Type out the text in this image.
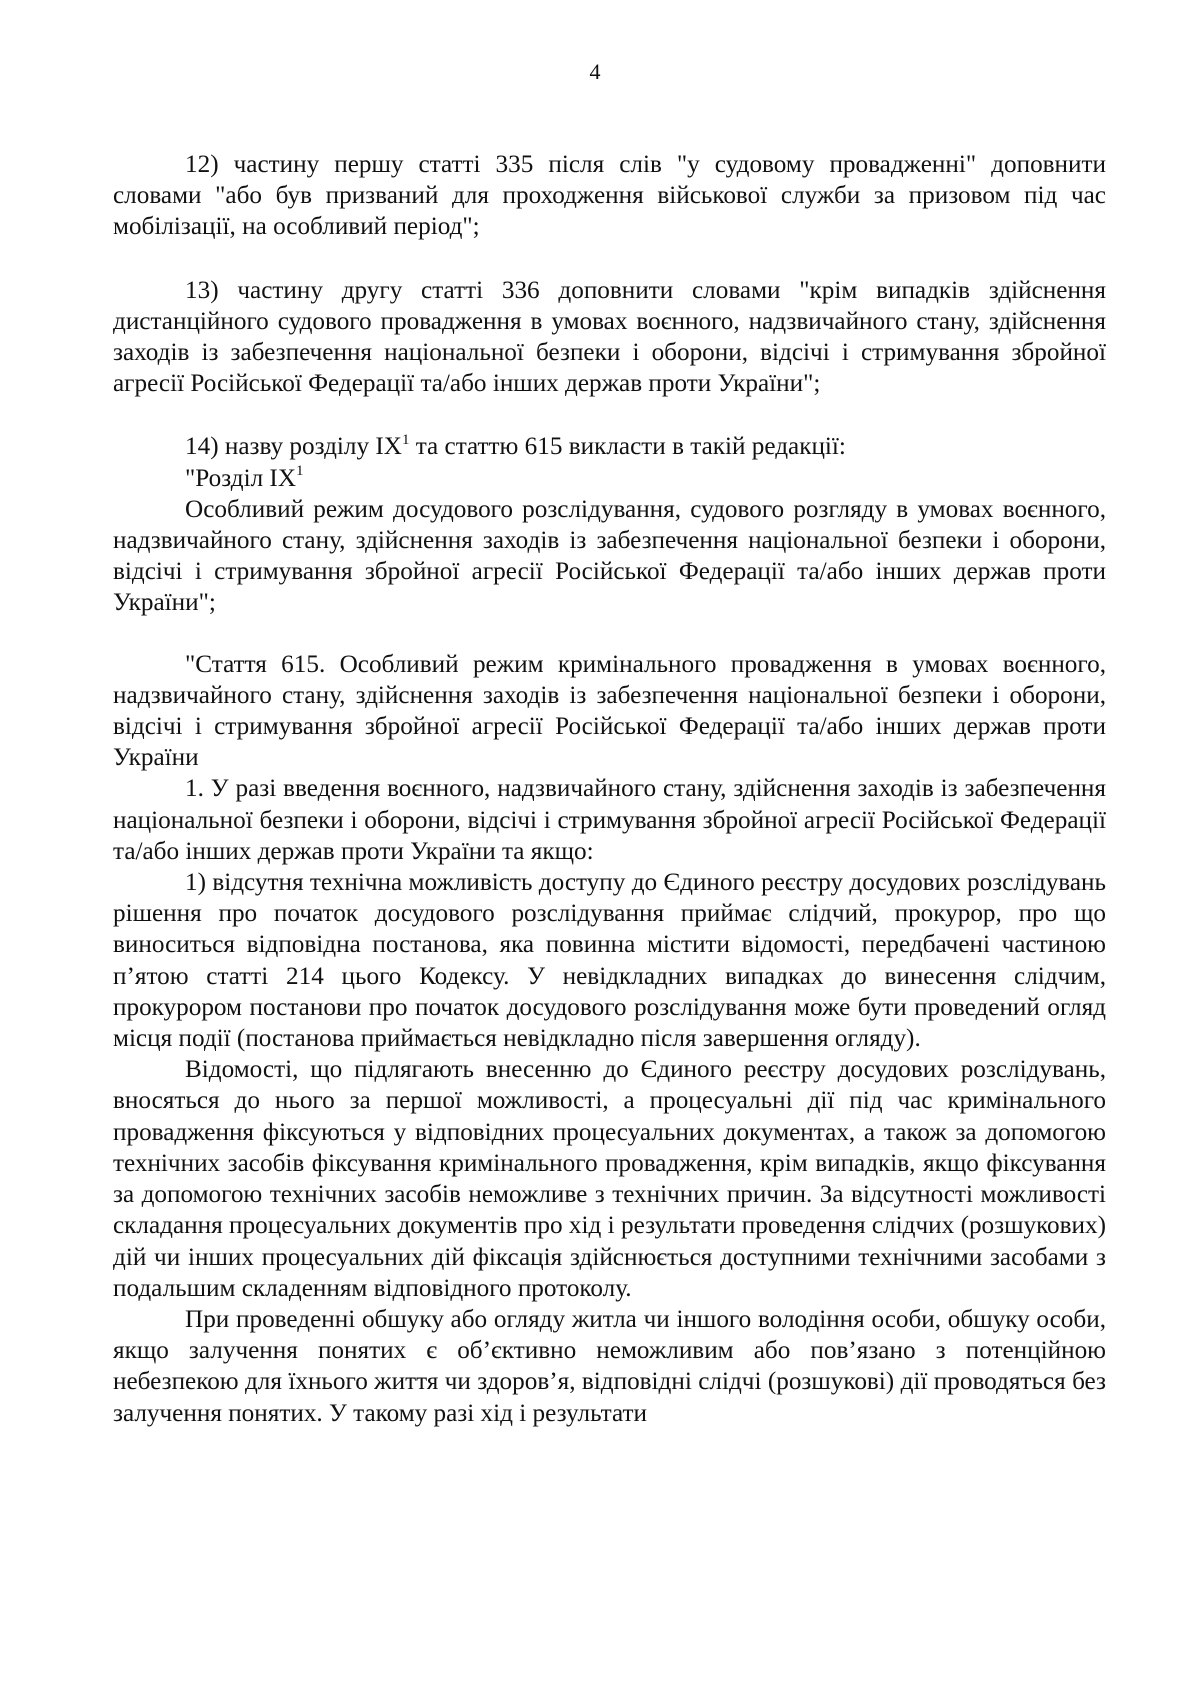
4

12) частину першу статті 335 після слів "у судовому провадженні" доповнити словами "або був призваний для проходження військової служби за призовом під час мобілізації, на особливий період";

13) частину другу статті 336 доповнити словами "крім випадків здійснення дистанційного судового провадження в умовах воєнного, надзвичайного стану, здійснення заходів із забезпечення національної безпеки і оборони, відсічі і стримування збройної агресії Російської Федерації та/або інших держав проти України";

14) назву розділу $IX^1$ та статтю 615 викласти в такій редакції:

"Розділ $IX^1$

Особливий режим досудового розслідування, судового розгляду в умовах воєнного, надзвичайного стану, здійснення заходів із забезпечення національної безпеки і оборони, відсічі і стримування збройної агресії Російської Федерації та/або інших держав проти України";

"Стаття 615. Особливий режим кримінального провадження в умовах воєнного, надзвичайного стану, здійснення заходів із забезпечення національної безпеки і оборони, відсічі і стримування збройної агресії Російської Федерації та/або інших держав проти України

1. У разі введення воєнного, надзвичайного стану, здійснення заходів із забезпечення національної безпеки і оборони, відсічі і стримування збройної агресії Російської Федерації та/або інших держав проти України та якщо:

1) відсутня технічна можливість доступу до Єдиного реєстру досудових розслідувань рішення про початок досудового розслідування приймає слідчий, прокурор, про що виноситься відповідна постанова, яка повинна містити відомості, передбачені частиною п’ятою статті 214 цього Кодексу. У невідкладних випадках до винесення слідчим, прокурором постанови про початок досудового розслідування може бути проведений огляд місця події (постанова приймається невідкладно після завершення огляду).

Відомості, що підлягають внесенню до Єдиного реєстру досудових розслідувань, вносяться до нього за першої можливості, а процесуальні дії під час кримінального провадження фіксуються у відповідних процесуальних документах, а також за допомогою технічних засобів фіксування кримінального провадження, крім випадків, якщо фіксування за допомогою технічних засобів неможливе з технічних причин. За відсутності можливості складання процесуальних документів про хід і результати проведення слідчих (розшукових) дій чи інших процесуальних дій фіксація здійснюється доступними технічними засобами з подальшим складенням відповідного протоколу.

При проведенні обшуку або огляду житла чи іншого володіння особи, обшуку особи, якщо залучення понятих є об’єктивно неможливим або пов’язано з потенційною небезпекою для їхнього життя чи здоров’я, відповідні слідчі (розшукові) дії проводяться без залучення понятих. У такому разі хід і результати
